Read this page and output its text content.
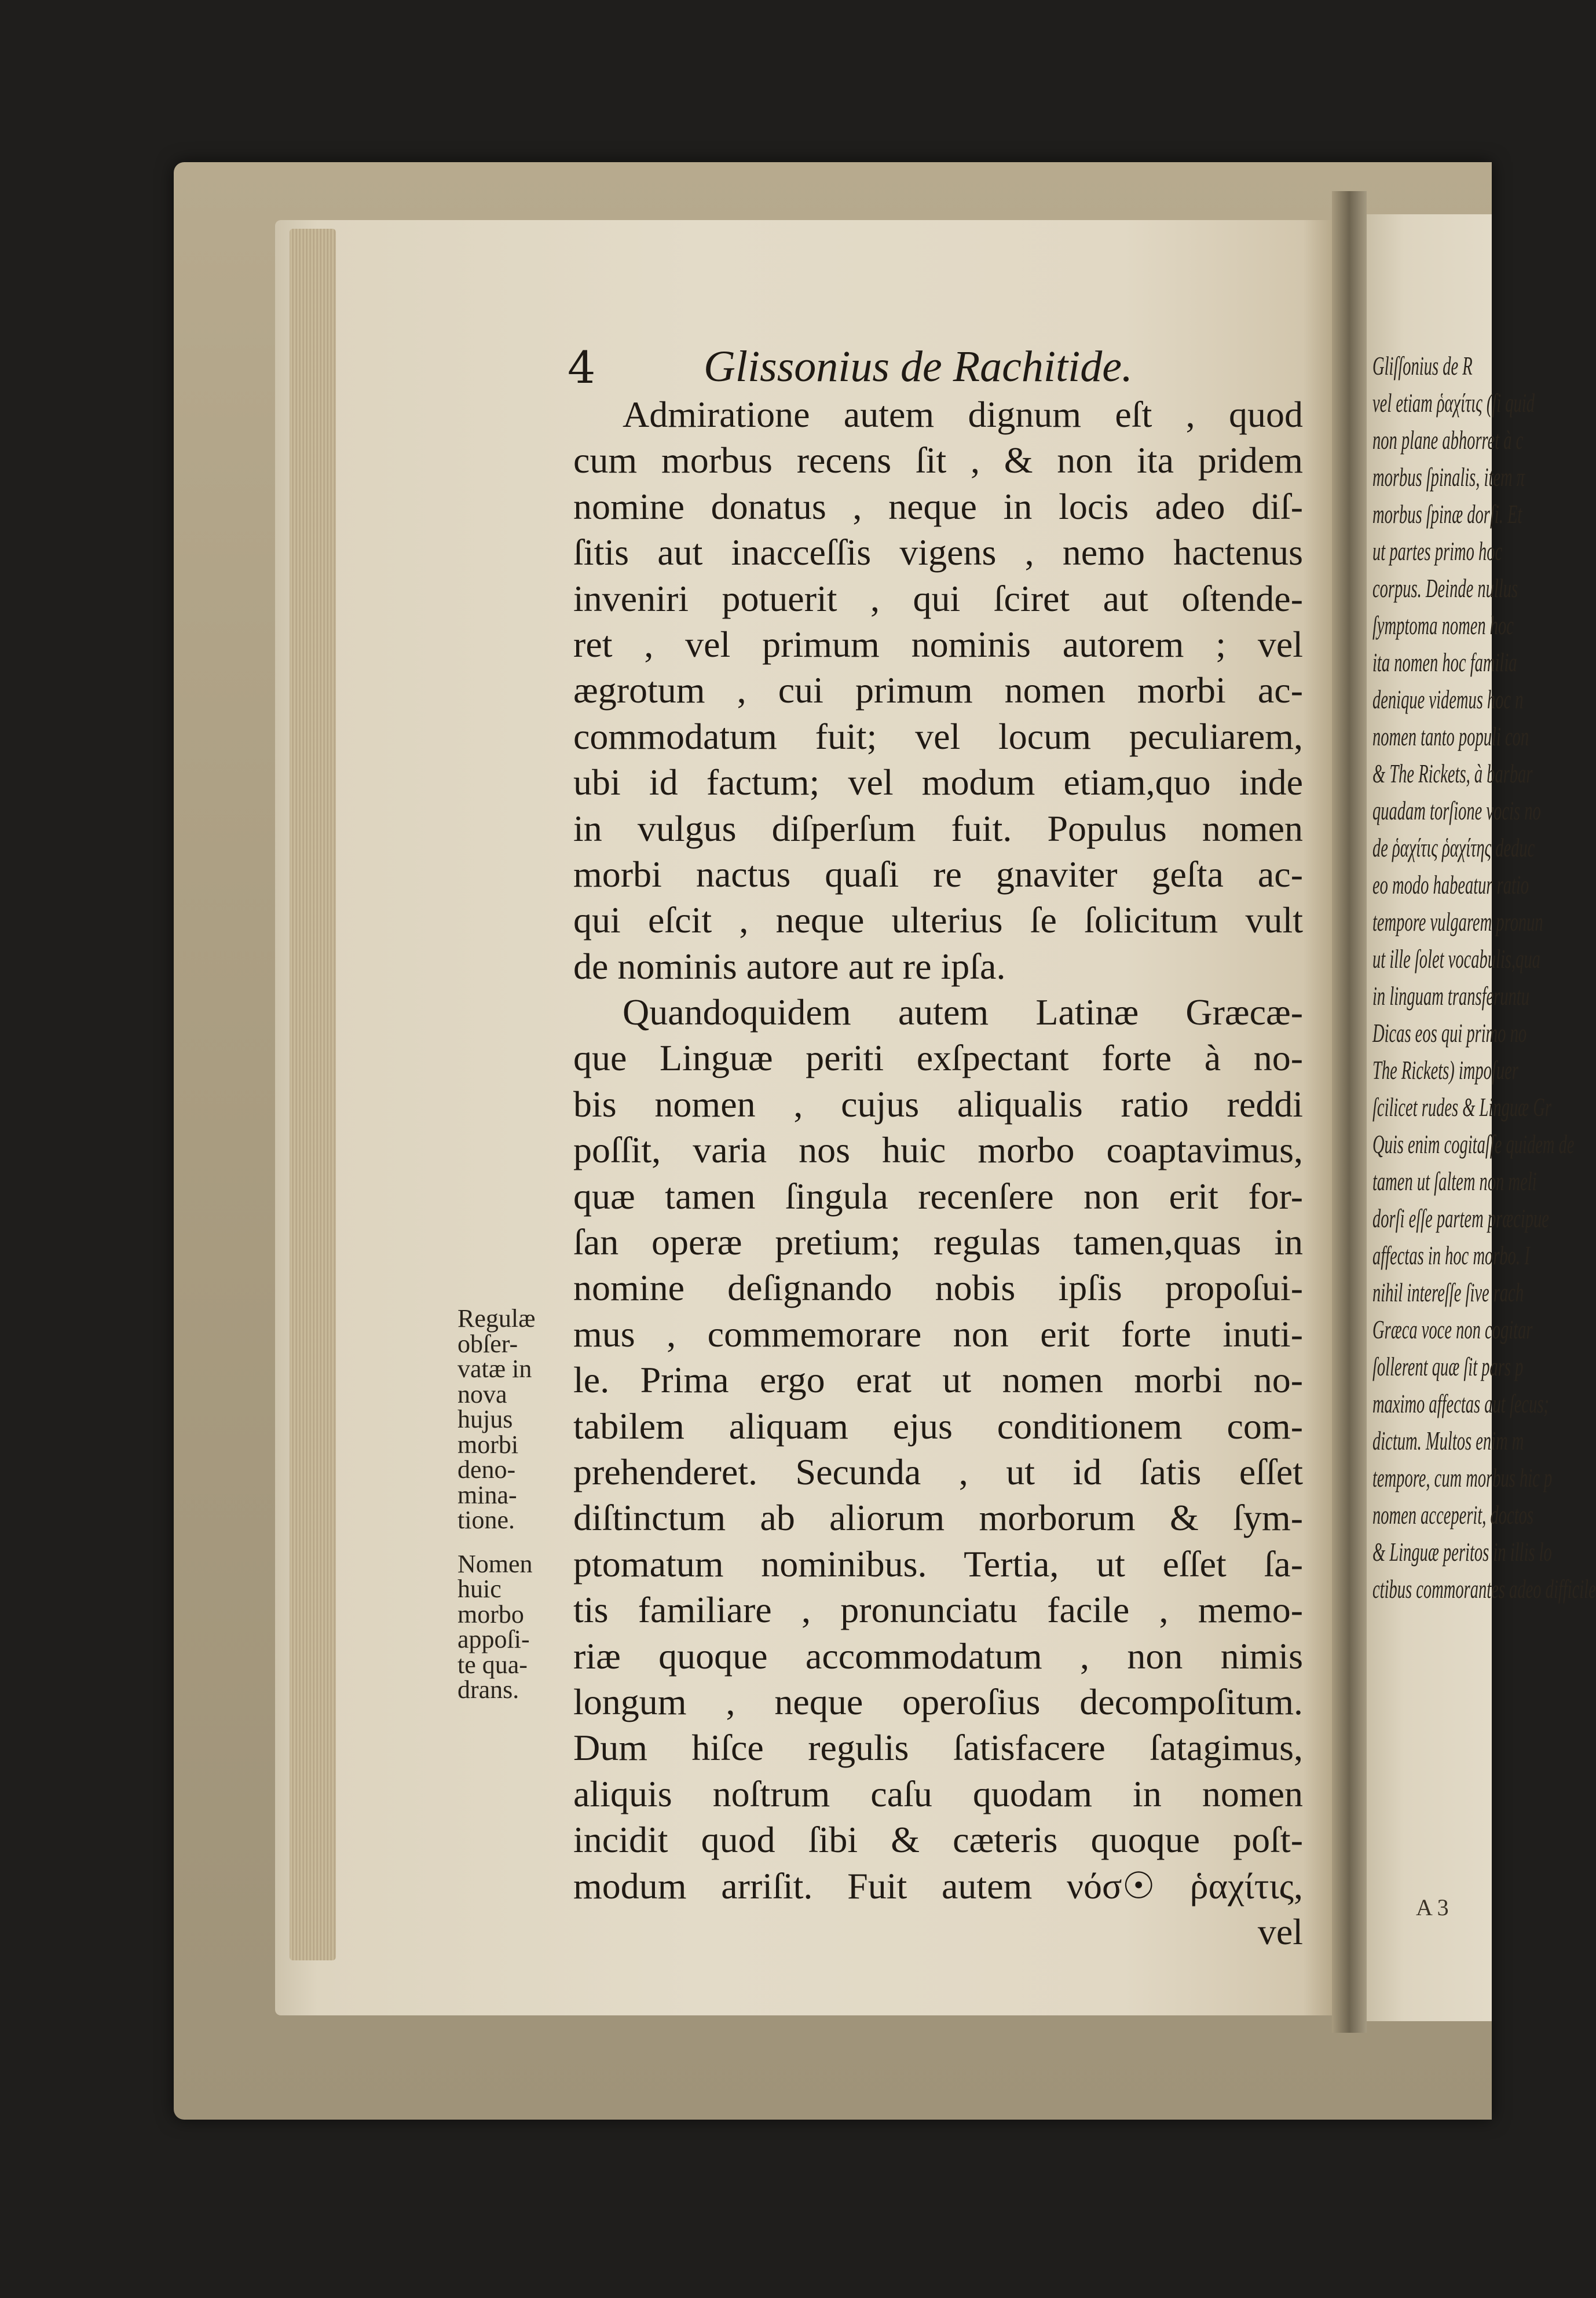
Gliſſonius de R
vel etiam ῥαχίτις (ſi quid
non plane abhorret à c
morbus ſpinalis, item π
morbus ſpinæ dorſi. Et
ut partes primo hoc
corpus. Deinde nullus
ſymptoma nomen hoc
ita nomen hoc familia
denique videmus hoc n
nomen tanto populi con
& The Rickets, à barbar
quadam torſione vocis no
de ῥαχίτις ῥαχίτης deduc
eo modo habeatur ratio
tempore vulgarem pronun
ut ille ſolet vocabulis,qua
in linguam transferuntu
Dicas eos qui primo no
The Rickets) impoſuer
ſcilicet rudes & Linguæ Gr
Quis enim cogitaſſe quidem de
tamen ut ſaltem non meli
dorſi eſſe partem præcipue
affectas in hoc morbo. I
nihil intereſſe ſive rach
Græca voce non cogitar
ſollerent quæ ſit pars p
maximo affectas aut ſecus;
dictum. Multos enim m
tempore, cum morbus hic p
nomen acceperit, doctos
& Linguæ peritos in illis lo
ctibus commorantes adeo difficile
A 3
4 Glissonius de Rachitide.
Admiratione autem dignum eſt , quod
cum morbus recens ſit , & non ita pridem
nomine donatus , neque in locis adeo diſ-
ſitis aut inacceſſis vigens , nemo hactenus
inveniri potuerit , qui ſciret aut oſtende-
ret , vel primum nominis autorem ; vel
ægrotum , cui primum nomen morbi ac-
commodatum fuit; vel locum peculiarem,
ubi id factum; vel modum etiam,quo inde
in vulgus diſperſum fuit. Populus nomen
morbi nactus quaſi re gnaviter geſta ac-
qui eſcit , neque ulterius ſe ſolicitum vult
de nominis autore aut re ipſa.
Quandoquidem autem Latinæ Græcæ-
que Linguæ periti exſpectant forte à no-
bis nomen , cujus aliqualis ratio reddi
poſſit, varia nos huic morbo coaptavimus,
quæ tamen ſingula recenſere non erit for-
ſan operæ pretium; regulas tamen,quas in
nomine deſignando nobis ipſis propoſui-
mus , commemorare non erit forte inuti-
le. Prima ergo erat ut nomen morbi no-
tabilem aliquam ejus conditionem com-
prehenderet. Secunda , ut id ſatis eſſet
diſtinctum ab aliorum morborum & ſym-
ptomatum nominibus. Tertia, ut eſſet ſa-
tis familiare , pronunciatu facile , memo-
riæ quoque accommodatum , non nimis
longum , neque operoſius decompoſitum.
Dum hiſce regulis ſatisfacere ſatagimus,
aliquis noſtrum caſu quodam in nomen
incidit quod ſibi & cæteris quoque poſt-
modum arriſit. Fuit autem νόσ☉ ῥαχίτις,
vel
Regulæ
obſer-
vatæ in
nova
hujus
morbi
deno-
mina-
tione.
Nomen
huic
morbo
appoſi-
te qua-
drans.
